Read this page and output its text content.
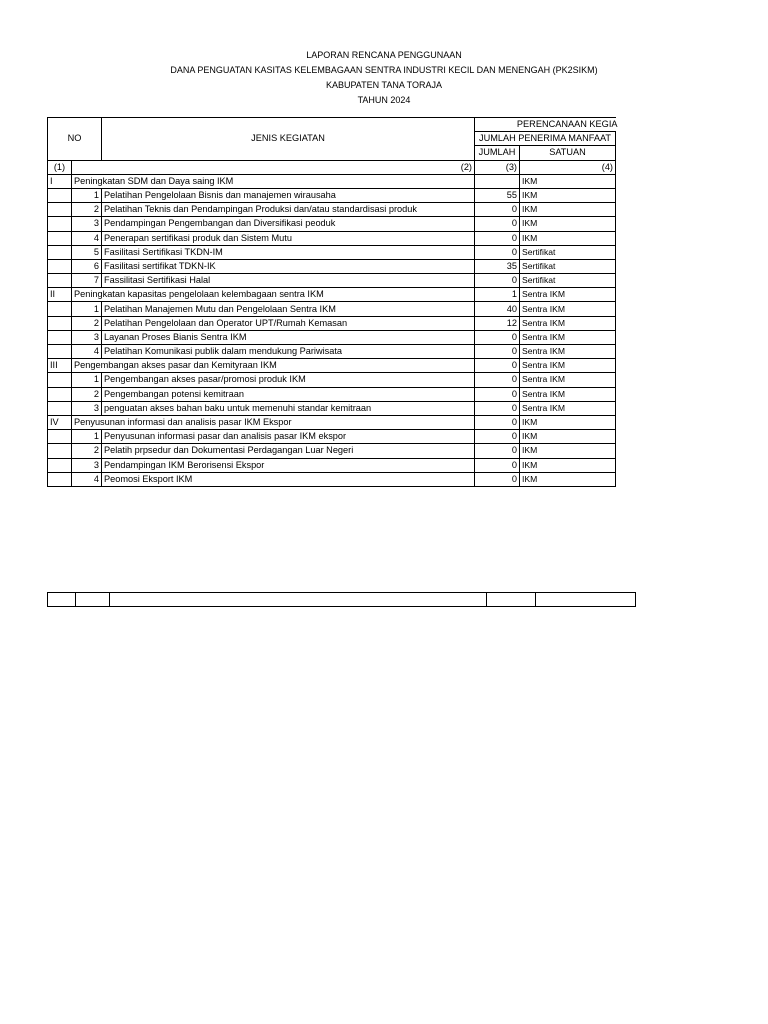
LAPORAN RENCANA PENGGUNAAN
DANA PENGUATAN KASITAS KELEMBAGAAN SENTRA INDUSTRI KECIL DAN MENENGAH (PK2SIKM)
KABUPATEN TANA TORAJA
TAHUN 2024
NO		JENIS KEGIATAN	PERENCANAAN KEGIA	

			JUMLAH PENERIMA MANFAAT	
			JUMLAH	SATUAN
(1)	(2)		(3)	(4)
I	Peningkatan SDM dan Daya saing IKM			IKM
	1	Pelatihan Pengelolaan Bisnis dan manajemen wirausaha	55	IKM
	2	Pelatihan Teknis dan Pendampingan Produksi dan/atau standardisasi produk	0	IKM
	3	Pendampingan Pengembangan dan Diversifikasi peoduk	0	IKM
	4	Penerapan sertifikasi produk dan Sistem Mutu	0	IKM
	5	Fasilitasi Sertifikasi TKDN-IM	0	Sertifikat
	6	Fasilitasi sertifikat TDKN-IK	35	Sertifikat
	7	Fassilitasi Sertifikasi Halal	0	Sertifikat
II	Peningkatan kapasitas pengelolaan kelembagaan sentra IKM		1	Sentra IKM
	1	Pelatihan Manajemen Mutu dan Pengelolaan Sentra IKM	40	Sentra IKM
	2	Pelatihan Pengelolaan dan Operator UPT/Rumah Kemasan	12	Sentra IKM
	3	Layanan Proses Bianis Sentra IKM	0	Sentra IKM
	4	Pelatihan Komunikasi publik dalam mendukung Pariwisata	0	Sentra IKM
III	Pengembangan akses pasar dan Kemityraan IKM		0	Sentra IKM
	1	Pengembangan akses pasar/promosi produk IKM	0	Sentra IKM
	2	Pengembangan potensi kemitraan	0	Sentra IKM
	3	penguatan akses bahan baku untuk memenuhi standar kemitraan	0	Sentra IKM
IV	Penyusunan informasi dan analisis pasar IKM Ekspor		0	IKM
	1	Penyusunan informasi pasar dan analisis pasar IKM ekspor	0	IKM
	2	Pelatih prpsedur dan Dokumentasi Perdagangan Luar Negeri	0	IKM
	3	Pendampingan IKM Berorisensi Ekspor	0	IKM
	4	Peomosi Eksport IKM	0	IKM
